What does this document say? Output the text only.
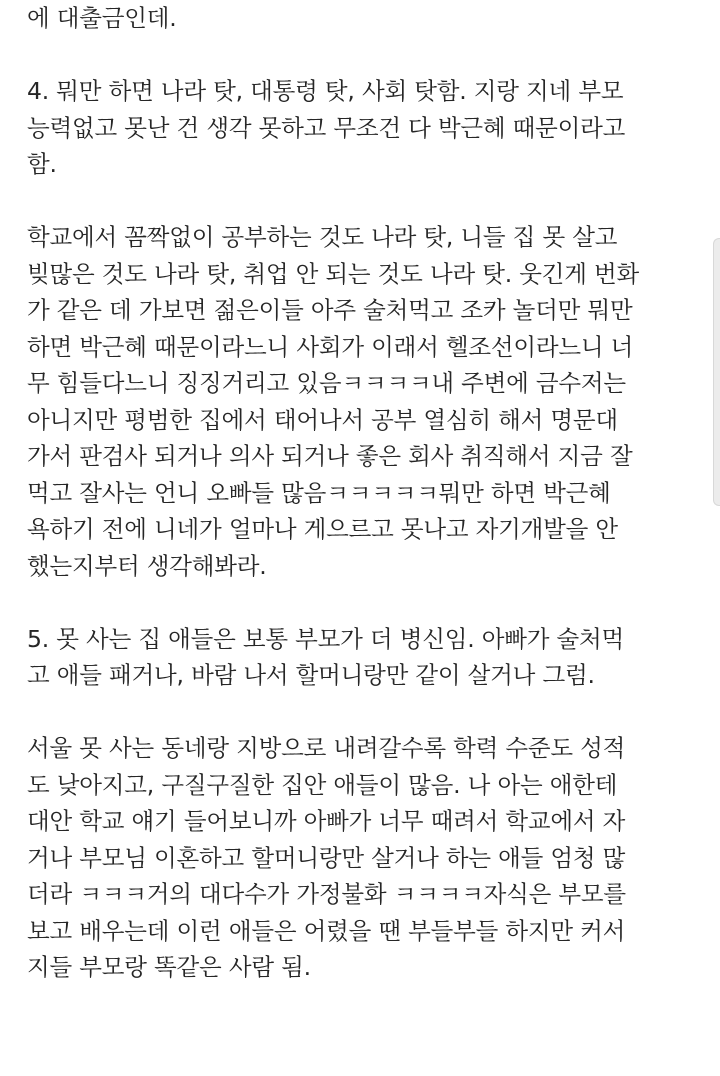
에 대출금인데.
4. 뭐만 하면 나라 탓, 대통령 탓, 사회 탓함. 지랑 지네 부모
능력없고 못난 건 생각 못하고 무조건 다 박근혜 때문이라고
함.
학교에서 꼼짝없이 공부하는 것도 나라 탓, 니들 집 못 살고
빚많은 것도 나라 탓, 취업 안 되는 것도 나라 탓. 웃긴게 번화
가 같은 데 가보면 젊은이들 아주 술처먹고 조카 놀더만 뭐만
하면 박근혜 때문이라느니 사회가 이래서 헬조선이라느니 너
무 힘들다느니 징징거리고 있음ㅋㅋㅋㅋ내 주변에 금수저는
아니지만 평범한 집에서 태어나서 공부 열심히 해서 명문대
가서 판검사 되거나 의사 되거나 좋은 회사 취직해서 지금 잘
먹고 잘사는 언니 오빠들 많음ㅋㅋㅋㅋㅋ뭐만 하면 박근혜
욕하기 전에 니네가 얼마나 게으르고 못나고 자기개발을 안
했는지부터 생각해봐라.
5. 못 사는 집 애들은 보통 부모가 더 병신임. 아빠가 술처먹
고 애들 패거나, 바람 나서 할머니랑만 같이 살거나 그럼.
서울 못 사는 동네랑 지방으로 내려갈수록 학력 수준도 성적
도 낮아지고, 구질구질한 집안 애들이 많음. 나 아는 애한테
대안 학교 얘기 들어보니까 아빠가 너무 때려서 학교에서 자
거나 부모님 이혼하고 할머니랑만 살거나 하는 애들 엄청 많
더라 ㅋㅋㅋ거의 대다수가 가정불화 ㅋㅋㅋㅋ자식은 부모를
보고 배우는데 이런 애들은 어렸을 땐 부들부들 하지만 커서
지들 부모랑 똑같은 사람 됨.
